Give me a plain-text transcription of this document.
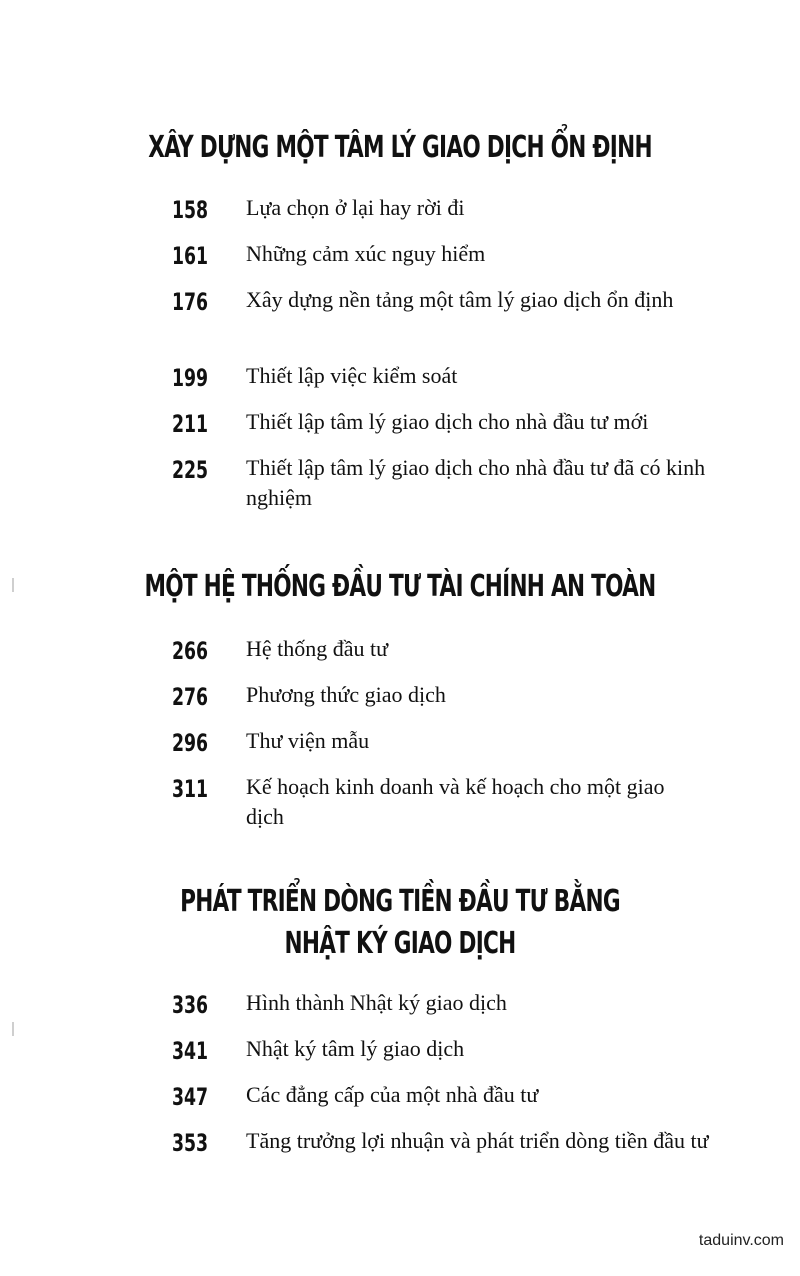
XÂY DỰNG MỘT TÂM LÝ GIAO DỊCH ỔN ĐỊNH
158 Lựa chọn ở lại hay rời đi
161 Những cảm xúc nguy hiểm
176 Xây dựng nền tảng một tâm lý giao dịch ổn định
199 Thiết lập việc kiểm soát
211 Thiết lập tâm lý giao dịch cho nhà đầu tư mới
225 Thiết lập tâm lý giao dịch cho nhà đầu tư đã có kinh nghiệm
MỘT HỆ THỐNG ĐẦU TƯ TÀI CHÍNH AN TOÀN
266 Hệ thống đầu tư
276 Phương thức giao dịch
296 Thư viện mẫu
311 Kế hoạch kinh doanh và kế hoạch cho một giao dịch
PHÁT TRIỂN DÒNG TIỀN ĐẦU TƯ BẰNG
NHẬT KÝ GIAO DỊCH
336 Hình thành Nhật ký giao dịch
341 Nhật ký tâm lý giao dịch
347 Các đẳng cấp của một nhà đầu tư
353 Tăng trưởng lợi nhuận và phát triển dòng tiền đầu tư
taduinv.com
